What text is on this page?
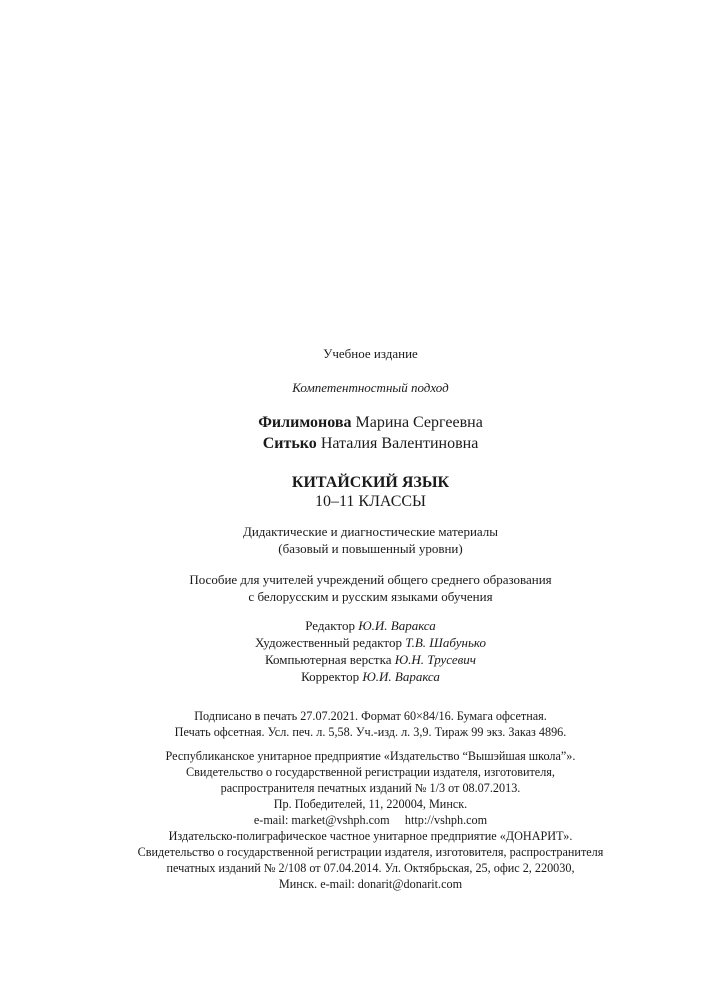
Учебное издание
Компетентностный подход
Филимонова Марина Сергеевна
Ситько Наталия Валентиновна
КИТАЙСКИЙ ЯЗЫК
10–11 КЛАССЫ
Дидактические и диагностические материалы
(базовый и повышенный уровни)
Пособие для учителей учреждений общего среднего образования
с белорусским и русским языками обучения
Редактор Ю.И. Варакса
Художественный редактор Т.В. Шабунько
Компьютерная верстка Ю.Н. Трусевич
Корректор Ю.И. Варакса
Подписано в печать 27.07.2021. Формат 60×84/16. Бумага офсетная.
Печать офсетная. Усл. печ. л. 5,58. Уч.-изд. л. 3,9. Тираж 99 экз. Заказ 4896.
Республиканское унитарное предприятие «Издательство “Вышэйшая школа”».
Свидетельство о государственной регистрации издателя, изготовителя,
распространителя печатных изданий № 1/3 от 08.07.2013.
Пр. Победителей, 11, 220004, Минск.
e-mail: market@vshph.com     http://vshph.com
Издательско-полиграфическое частное унитарное предприятие «ДОНАРИТ».
Свидетельство о государственной регистрации издателя, изготовителя, распространителя
печатных изданий № 2/108 от 07.04.2014. Ул. Октябрьская, 25, офис 2, 220030,
Минск. e-mail: donarit@donarit.com
